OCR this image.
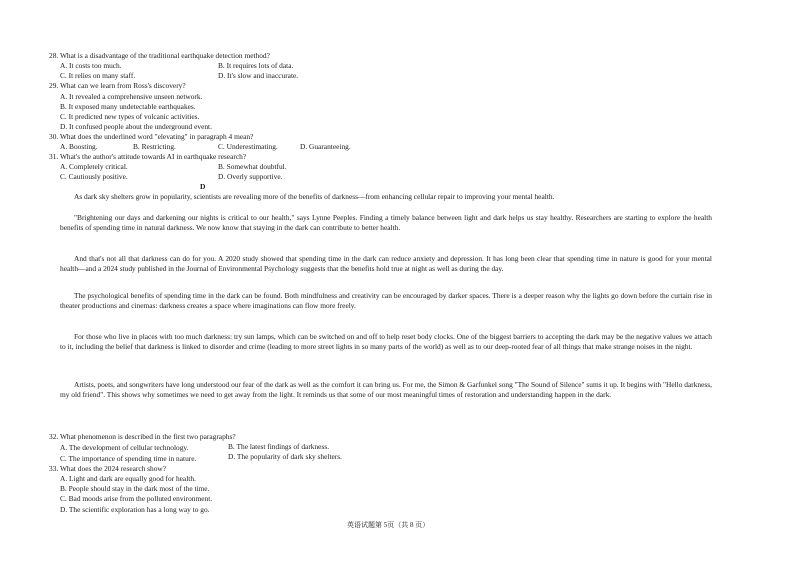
28. What is a disadvantage of the traditional earthquake detection method?
A. It costs too much.	B. It requires lots of data.
C. It relies on many staff.	D. It's slow and inaccurate.
29. What can we learn from Ross's discovery?
A. It revealed a comprehensive unseen network.
B. It exposed many undetectable earthquakes.
C. It predicted new types of volcanic activities.
D. It confused people about the underground event.
30. What does the underlined word "elevating" in paragraph 4 mean?
A. Boosting.	B. Restricting.	C. Underestimating.	D. Guaranteeing.
31. What's the author's attitude towards AI in earthquake research?
A. Completely critical.	B. Somewhat doubtful.
C. Cautiously positive.	D. Overly supportive.
D
As dark sky shelters grow in popularity, scientists are revealing more of the benefits of darkness—from enhancing cellular repair to improving your mental health.
"Brightening our days and darkening our nights is critical to our health," says Lynne Peeples. Finding a timely balance between light and dark helps us stay healthy. Researchers are starting to explore the health benefits of spending time in natural darkness. We now know that staying in the dark can contribute to better health.
And that's not all that darkness can do for you. A 2020 study showed that spending time in the dark can reduce anxiety and depression. It has long been clear that spending time in nature is good for your mental health—and a 2024 study published in the Journal of Environmental Psychology suggests that the benefits hold true at night as well as during the day.
The psychological benefits of spending time in the dark can be found. Both mindfulness and creativity can be encouraged by darker spaces. There is a deeper reason why the lights go down before the curtain rise in theater productions and cinemas: darkness creates a space where imaginations can flow more freely.
For those who live in places with too much darkness: try sun lamps, which can be switched on and off to help reset body clocks. One of the biggest barriers to accepting the dark may be the negative values we attach to it, including the belief that darkness is linked to disorder and crime (leading to more street lights in so many parts of the world) as well as to our deep-rooted fear of all things that make strange noises in the night.
Artists, poets, and songwriters have long understood our fear of the dark as well as the comfort it can bring us. For me, the Simon & Garfunkel song "The Sound of Silence" sums it up. It begins with "Hello darkness, my old friend". This shows why sometimes we need to get away from the light. It reminds us that some of our most meaningful times of restoration and understanding happen in the dark.
32. What phenomenon is described in the first two paragraphs?
A. The development of cellular technology.	B. The latest findings of darkness.
C. The importance of spending time in nature.	D. The popularity of dark sky shelters.
33. What does the 2024 research show?
A. Light and dark are equally good for health.
B. People should stay in the dark most of the time.
C. Bad moods arise from the polluted environment.
D. The scientific exploration has a long way to go.
英语试题第 5页（共 8 页）
